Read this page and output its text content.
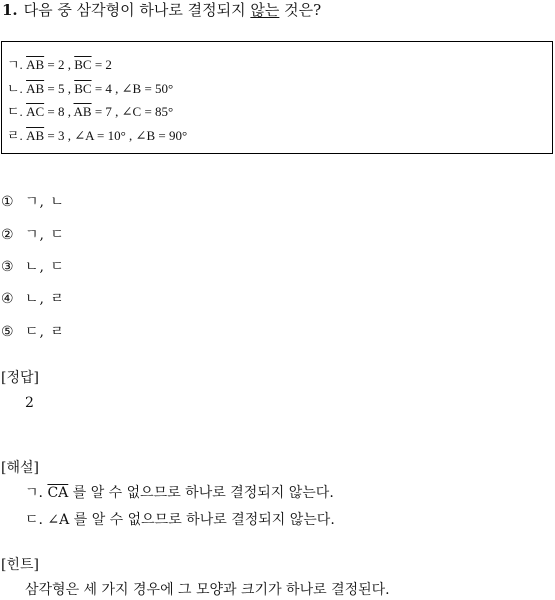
1. 다음 중 삼각형이 하나로 결정되지 않는 것은?
ㄱ. $\overline{AB} = 2$ , $\overline{BC} = 2$
ㄴ. $\overline{AB} = 5$ , $\overline{BC} = 4$ , ∠B = 50°
ㄷ. $\overline{AC} = 8$ , $\overline{AB} = 7$ , ∠C = 85°
ㄹ. $\overline{AB} = 3$ , ∠A = 10° , ∠B = 90°
① ㄱ, ㄴ
② ㄱ, ㄷ
③ ㄴ, ㄷ
④ ㄴ, ㄹ
⑤ ㄷ, ㄹ
[정답]
2
[해설]
ㄱ. $\overline{CA}$ 를 알 수 없으므로 하나로 결정되지 않는다.
ㄷ. ∠A 를 알 수 없으므로 하나로 결정되지 않는다.
[힌트]
삼각형은 세 가지 경우에 그 모양과 크기가 하나로 결정된다.
